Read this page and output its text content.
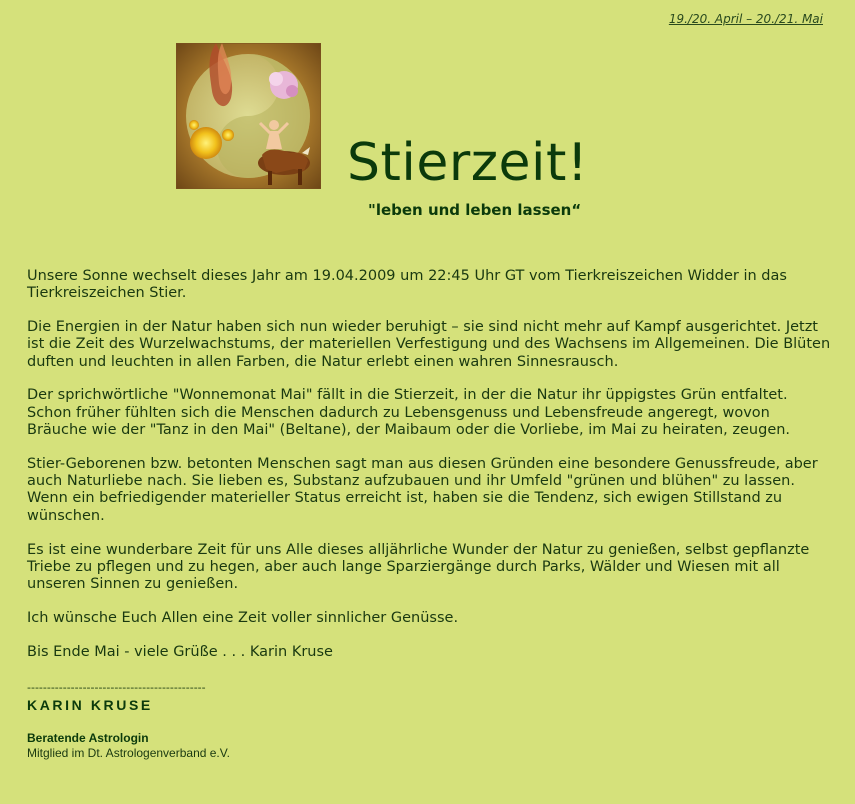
19./20. April – 20./21. Mai
Stierzeit!

"leben und leben lassen“

Unsere Sonne wechselt dieses Jahr am 19.04.2009 um 22:45 Uhr GT vom Tierkreiszeichen Widder in das Tierkreiszeichen Stier.

Die Energien in der Natur haben sich nun wieder beruhigt – sie sind nicht mehr auf Kampf ausgerichtet. Jetzt ist die Zeit des Wurzelwachstums, der materiellen Verfestigung und des Wachsens im Allgemeinen. Die Blüten duften und leuchten in allen Farben, die Natur erlebt einen wahren Sinnesrausch.

Der sprichwörtliche "Wonnemonat Mai" fällt in die Stierzeit, in der die Natur ihr üppigstes Grün entfaltet. Schon früher fühlten sich die Menschen dadurch zu Lebensgenuss und Lebensfreude angeregt, wovon Bräuche wie der "Tanz in den Mai" (Beltane), der Maibaum oder die Vorliebe, im Mai zu heiraten, zeugen.

Stier-Geborenen bzw. betonten Menschen sagt man aus diesen Gründen eine besondere Genussfreude, aber auch Naturliebe nach. Sie lieben es, Substanz aufzubauen und ihr Umfeld "grünen und blühen" zu lassen. Wenn ein befriedigender materieller Status erreicht ist, haben sie die Tendenz, sich ewigen Stillstand zu wünschen.

Es ist eine wunderbare Zeit für uns Alle dieses alljährliche Wunder der Natur zu genießen, selbst gepflanzte Triebe zu pflegen und zu hegen, aber auch lange Sparziergänge durch Parks, Wälder und Wiesen mit all unseren Sinnen zu genießen.

Ich wünsche Euch Allen eine Zeit voller sinnlicher Genüsse.

Bis Ende Mai - viele Grüße . . . Karin Kruse

---------------------------------------------
KARIN KRUSE
Beratende Astrologin
Mitglied im Dt. Astrologenverband e.V.
